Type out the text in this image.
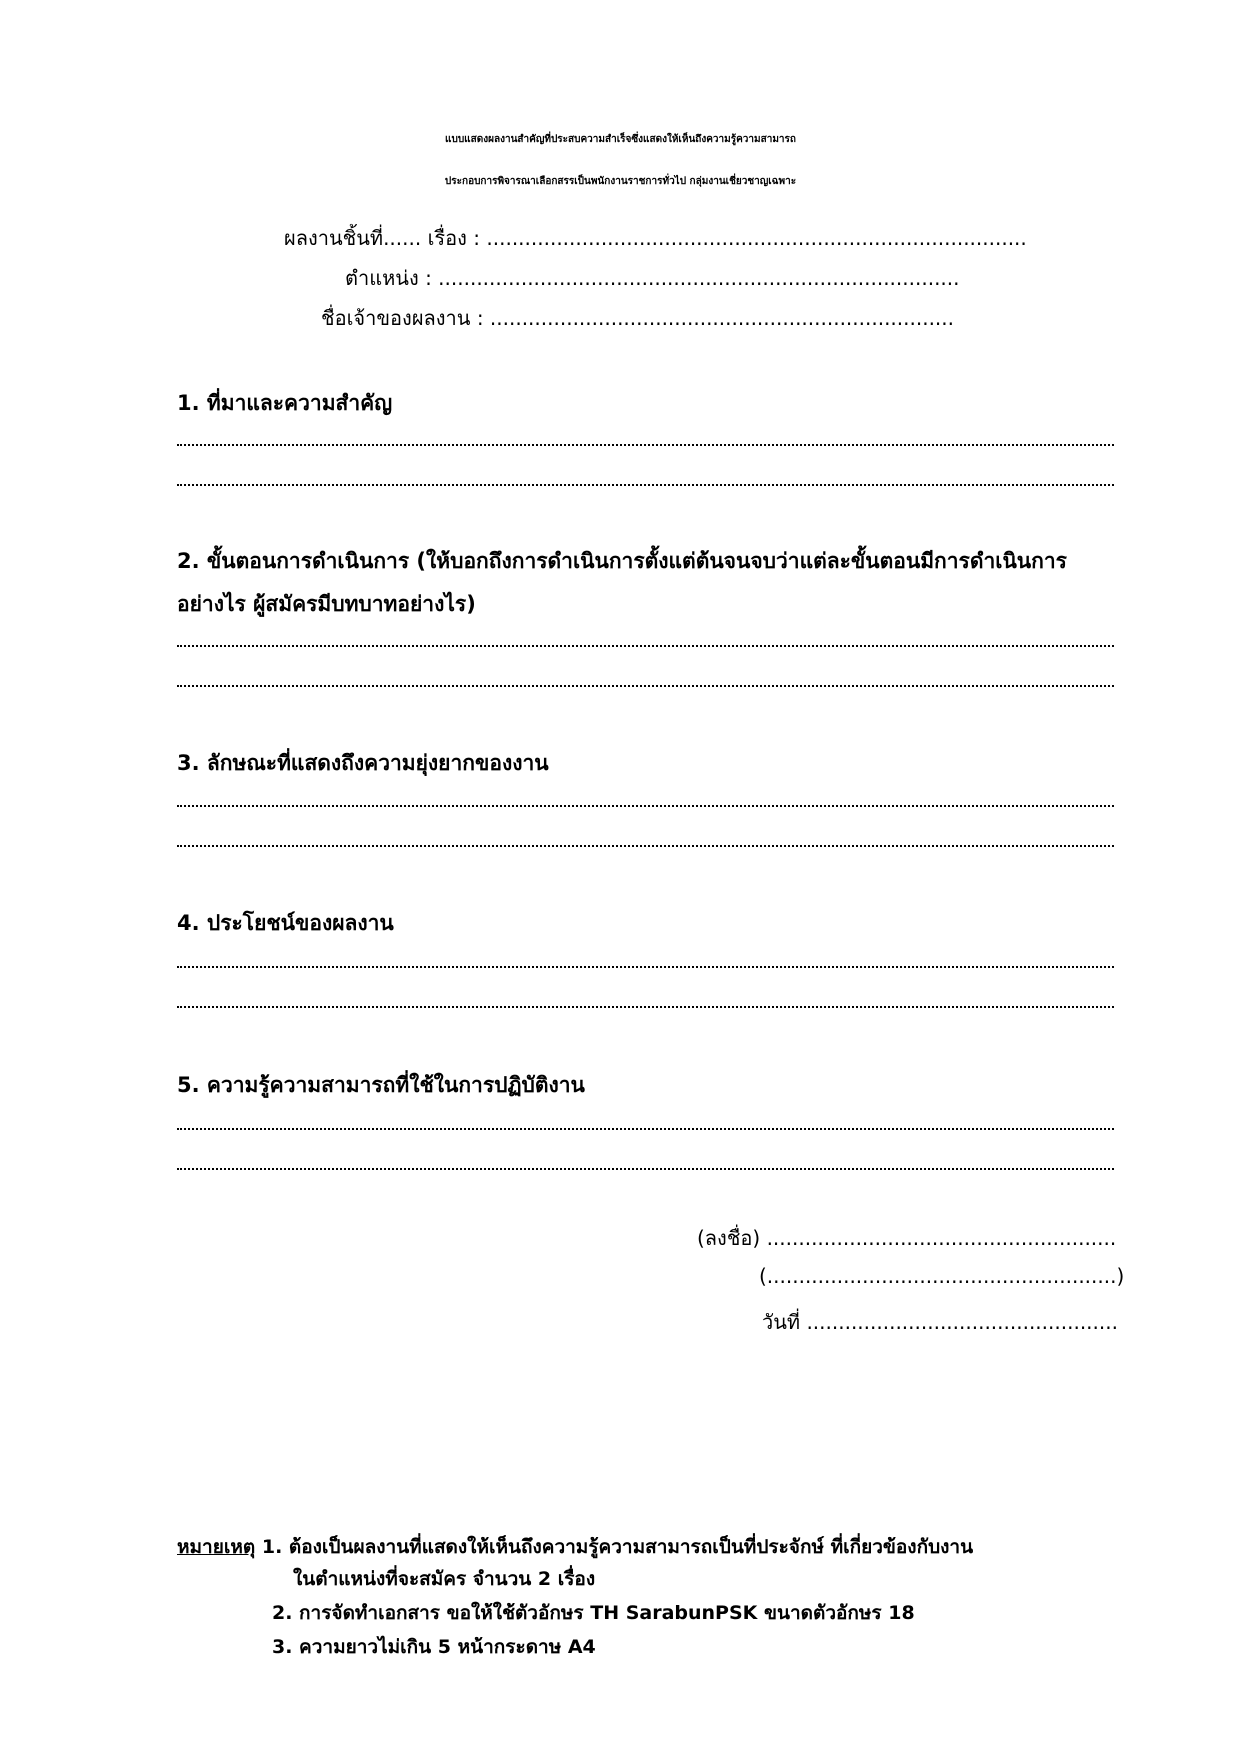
แบบแสดงผลงานสำคัญที่ประสบความสำเร็จซึ่งแสดงให้เห็นถึงความรู้ความสามารถ
ประกอบการพิจารณาเลือกสรรเป็นพนักงานราชการทั่วไป กลุ่มงานเชี่ยวชาญเฉพาะ
ผลงานชิ้นที่...... เรื่อง : .....................................................................................
ตำแหน่ง : ..................................................................................
ชื่อเจ้าของผลงาน : .........................................................................
1. ที่มาและความสำคัญ
2. ขั้นตอนการดำเนินการ (ให้บอกถึงการดำเนินการตั้งแต่ต้นจนจบว่าแต่ละขั้นตอนมีการดำเนินการ
อย่างไร ผู้สมัครมีบทบาทอย่างไร)
3. ลักษณะที่แสดงถึงความยุ่งยากของงาน
4. ประโยชน์ของผลงาน
5. ความรู้ความสามารถที่ใช้ในการปฏิบัติงาน
(ลงชื่อ) .......................................................
(.......................................................)
วันที่ .................................................
หมายเหตุ 1. ต้องเป็นผลงานที่แสดงให้เห็นถึงความรู้ความสามารถเป็นที่ประจักษ์ ที่เกี่ยวข้องกับงาน
ในตำแหน่งที่จะสมัคร จำนวน 2 เรื่อง
2. การจัดทำเอกสาร ขอให้ใช้ตัวอักษร TH SarabunPSK ขนาดตัวอักษร 18
3. ความยาวไม่เกิน 5 หน้ากระดาษ A4
